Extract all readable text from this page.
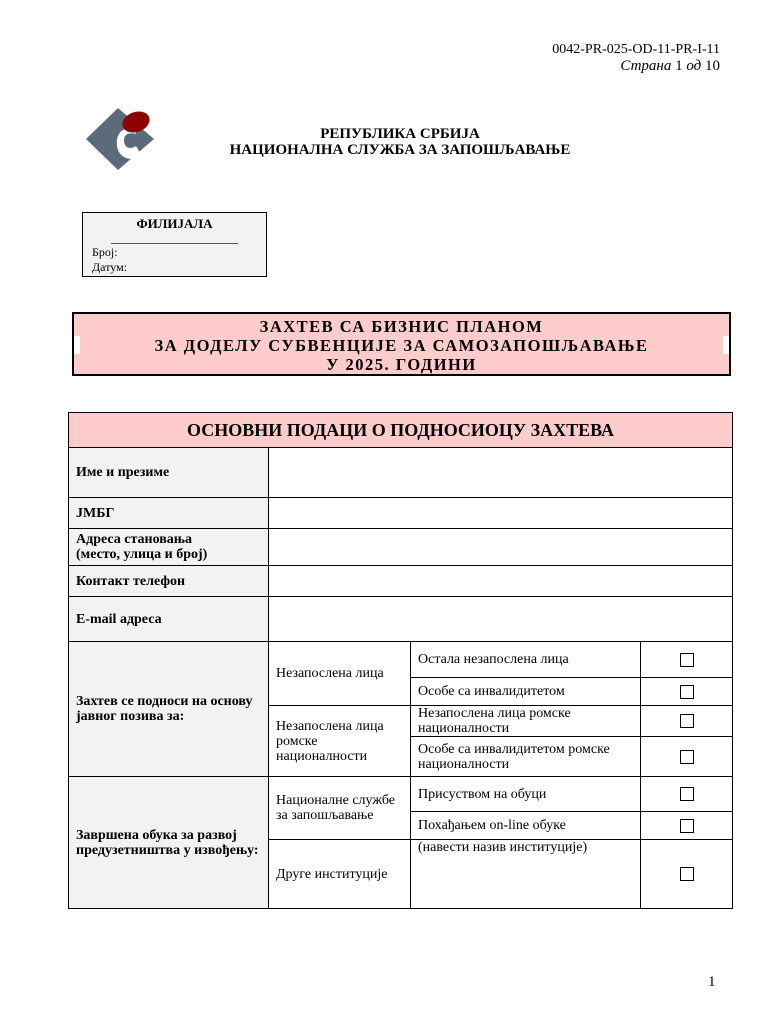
0042-PR-025-OD-11-PR-I-11
Страна 1 од 10
РЕПУБЛИКА СРБИЈА
НАЦИОНАЛНА СЛУЖБА ЗА ЗАПОШЉАВАЊЕ
ФИЛИЈАЛА
Број:
Датум:
ЗАХТЕВ СА БИЗНИС ПЛАНОМ
ЗА ДОДЕЛУ СУБВЕНЦИЈЕ ЗА САМОЗАПОШЉАВАЊЕ
У 2025. ГОДИНИ
ОСНОВНИ ПОДАЦИ О ПОДНОСИОЦУ ЗАХТЕВА			
Име и презиме			
ЈМБГ			

Адреса становања
(место, улица и број)			

Контакт телефон			
E-mail адреса			
Захтев се подноси на основу јавног позива за:	Незапослена лица	Остала незапослена лица	
		Особе са инвалидитетом	
	Незапослена лица ромске националности	Незапослена лица ромске националности	
		Особе са инвалидитетом ромске националности	
Завршена обука за развој предузетништва у извођењу:	Националне службе за запошљавање	Присуством на обуци	
		Похађањем on-line обуке	
	Друге институције	(навести назив институције)	
1
